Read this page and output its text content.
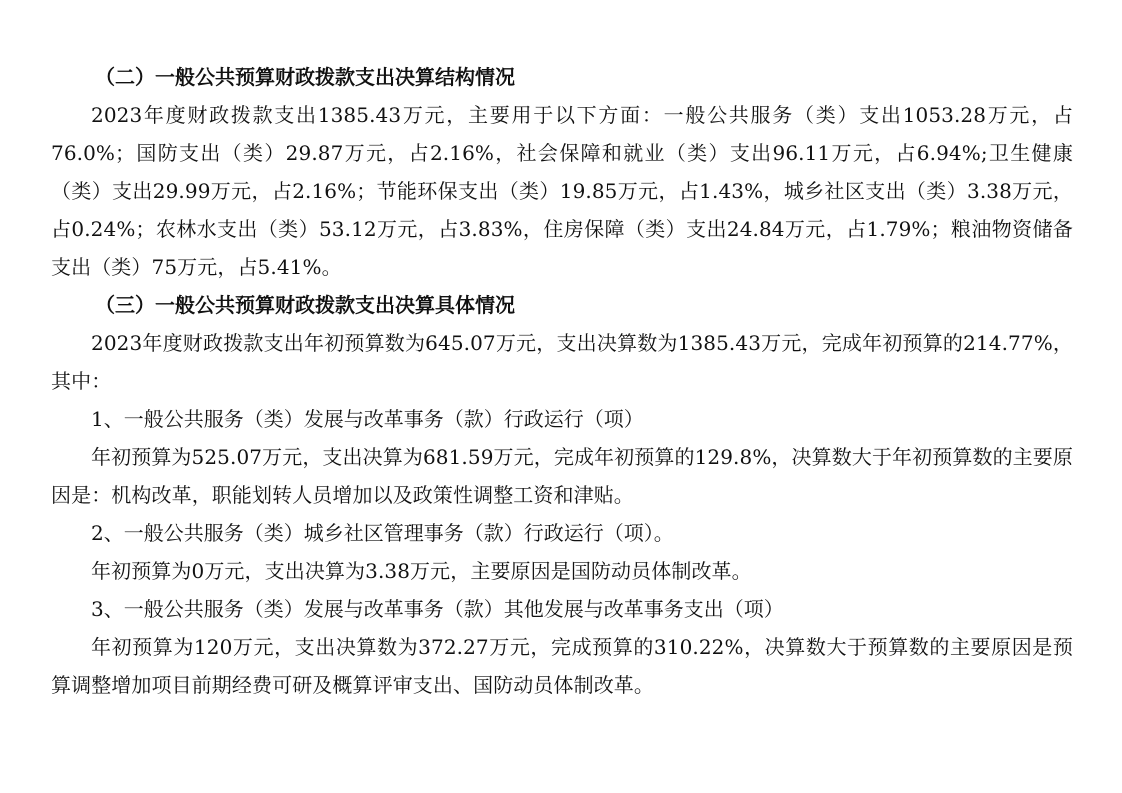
（二）一般公共预算财政拨款支出决算结构情况

2023年度财政拨款支出1385.43万元，主要用于以下方面：一般公共服务（类）支出1053.28万元，占76.0%；国防支出（类）29.87万元，占2.16%，社会保障和就业（类）支出96.11万元，占6.94%;卫生健康（类）支出29.99万元，占2.16%；节能环保支出（类）19.85万元，占1.43%，城乡社区支出（类）3.38万元，占0.24%；农林水支出（类）53.12万元，占3.83%，住房保障（类）支出24.84万元，占1.79%；粮油物资储备支出（类）75万元，占5.41%。

（三）一般公共预算财政拨款支出决算具体情况

2023年度财政拨款支出年初预算数为645.07万元，支出决算数为1385.43万元，完成年初预算的214.77%，其中：

1、一般公共服务（类）发展与改革事务（款）行政运行（项）

年初预算为525.07万元，支出决算为681.59万元，完成年初预算的129.8%，决算数大于年初预算数的主要原因是：机构改革，职能划转人员增加以及政策性调整工资和津贴。

2、一般公共服务（类）城乡社区管理事务（款）行政运行（项）。

年初预算为0万元，支出决算为3.38万元，主要原因是国防动员体制改革。

3、一般公共服务（类）发展与改革事务（款）其他发展与改革事务支出（项）

年初预算为120万元，支出决算数为372.27万元，完成预算的310.22%，决算数大于预算数的主要原因是预算调整增加项目前期经费可研及概算评审支出、国防动员体制改革。
